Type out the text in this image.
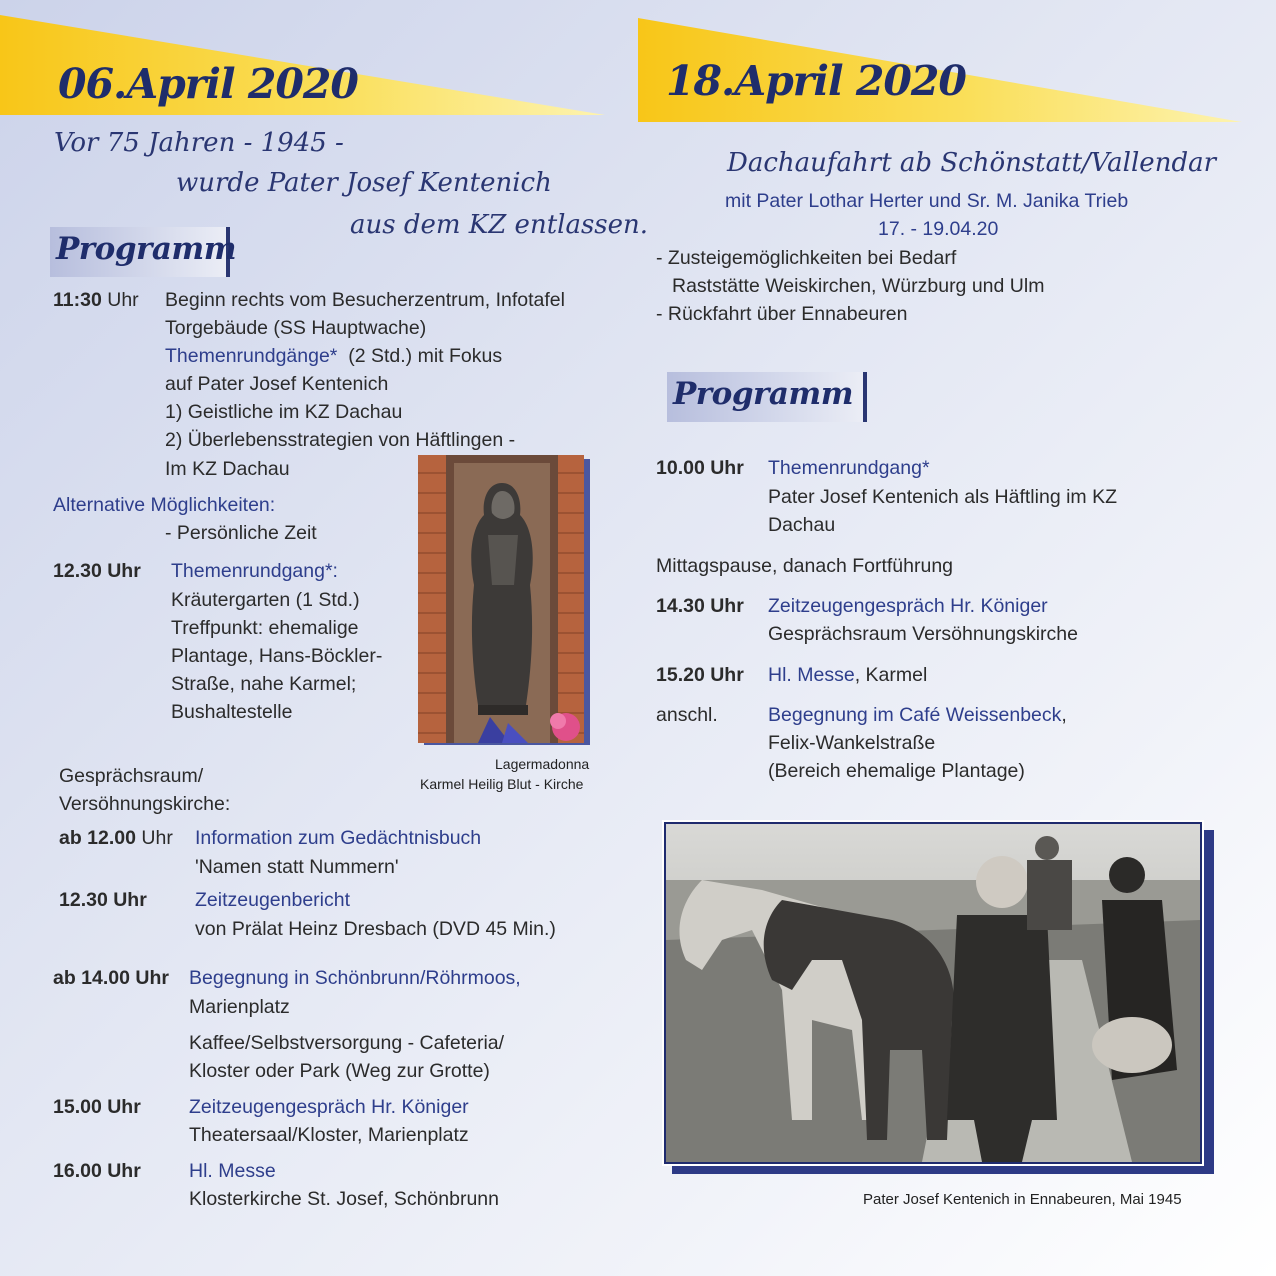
06.April 2020	18.April 2020
Vor 75 Jahren - 1945 -
wurde Pater Josef Kentenich
aus dem KZ entlassen.
Programm
11:30 Uhr Beginn rechts vom Besucherzentrum, Infotafel
Torgebäude (SS Hauptwache)
Themenrundgänge* (2 Std.) mit Fokus
auf Pater Josef Kentenich
1) Geistliche im KZ Dachau
2) Überlebensstrategien von Häftlingen -
Im KZ Dachau
Alternative Möglichkeiten:
- Persönliche Zeit
12.30 Uhr Themenrundgang*:
Kräutergarten (1 Std.)
Treffpunkt: ehemalige
Plantage, Hans-Böckler-
Straße, nahe Karmel;
Bushaltestelle
Lagermadonna
Karmel Heilig Blut - Kirche
Gesprächsraum/
Versöhnungskirche:
ab 12.00 Uhr Information zum Gedächtnisbuch
'Namen statt Nummern'
12.30 Uhr Zeitzeugenbericht
von Prälat Heinz Dresbach (DVD 45 Min.)
ab 14.00 Uhr Begegnung in Schönbrunn/Röhrmoos,
Marienplatz
Kaffee/Selbstversorgung - Cafeteria/
Kloster oder Park (Weg zur Grotte)
15.00 Uhr Zeitzeugengespräch Hr. Königer
Theatersaal/Kloster, Marienplatz
16.00 Uhr Hl. Messe
Klosterkirche St. Josef, Schönbrunn
Dachaufahrt ab Schönstatt/Vallendar
mit Pater Lothar Herter und Sr. M. Janika Trieb
17. - 19.04.20
- Zusteigemöglichkeiten bei Bedarf
Raststätte Weiskirchen, Würzburg und Ulm
- Rückfahrt über Ennabeuren
Programm
10.00 Uhr Themenrundgang*
Pater Josef Kentenich als Häftling im KZ
Dachau
Mittagspause, danach Fortführung
14.30 Uhr Zeitzeugengespräch Hr. Königer
Gesprächsraum Versöhnungskirche
15.20 Uhr Hl. Messe, Karmel
anschl.	Begegnung im Café Weissenbeck,
Felix-Wankelstraße
(Bereich ehemalige Plantage)
Pater Josef Kentenich in Ennabeuren, Mai 1945
